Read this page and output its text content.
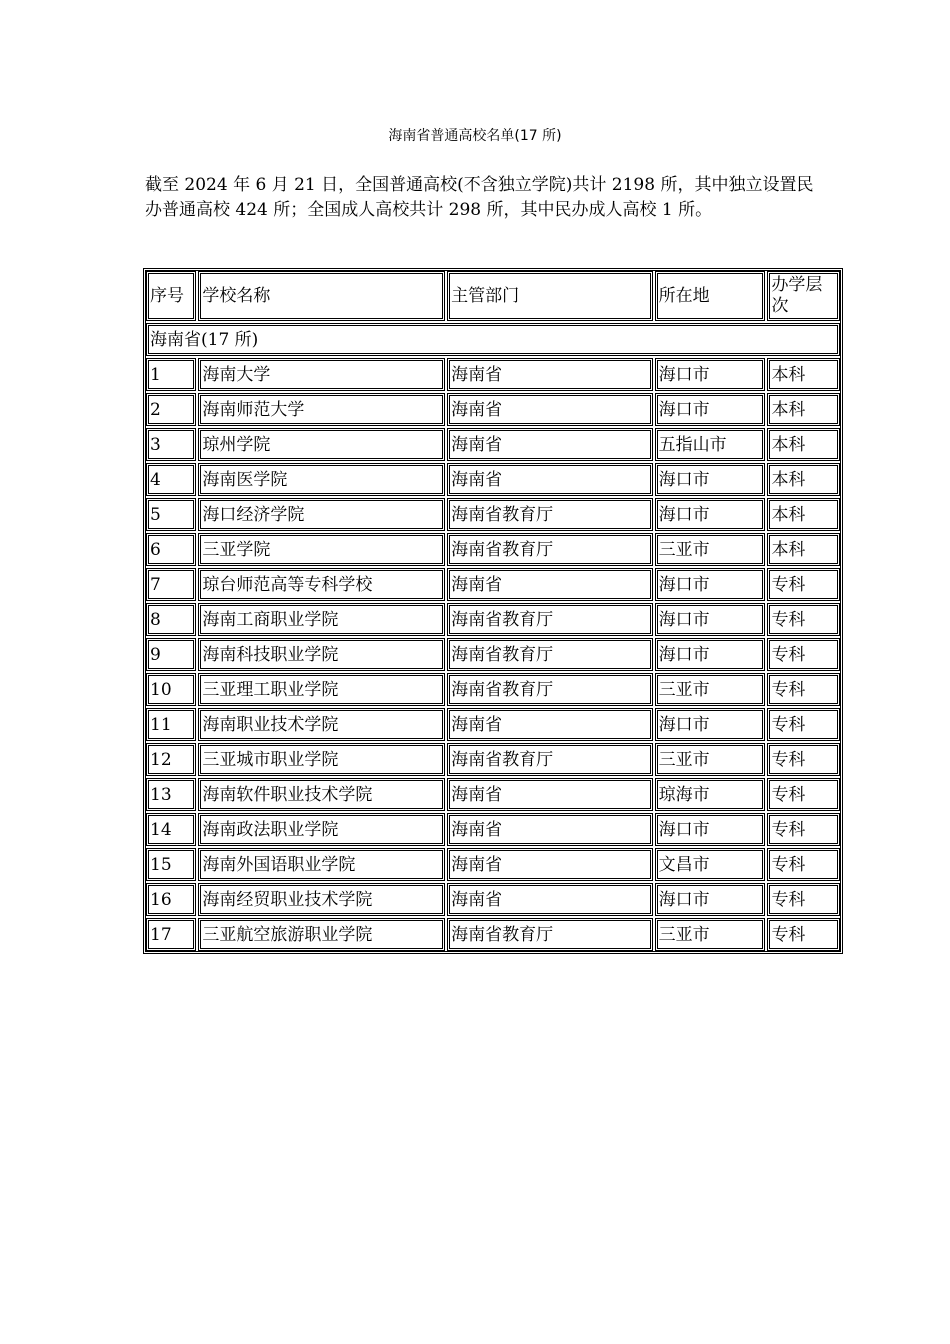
海南省普通高校名单(17 所)

截至 2024 年 6 月 21 日，全国普通高校(不含独立学院)共计 2198 所，其中独立设置民办普通高校 424 所；全国成人高校共计 298 所，其中民办成人高校 1 所。

序号	学校名称	主管部门	所在地	办学层次
海南省(17 所)				
1	海南大学	海南省	海口市	本科
2	海南师范大学	海南省	海口市	本科
3	琼州学院	海南省	五指山市	本科
4	海南医学院	海南省	海口市	本科
5	海口经济学院	海南省教育厅	海口市	本科
6	三亚学院	海南省教育厅	三亚市	本科
7	琼台师范高等专科学校	海南省	海口市	专科
8	海南工商职业学院	海南省教育厅	海口市	专科
9	海南科技职业学院	海南省教育厅	海口市	专科
10	三亚理工职业学院	海南省教育厅	三亚市	专科
11	海南职业技术学院	海南省	海口市	专科
12	三亚城市职业学院	海南省教育厅	三亚市	专科
13	海南软件职业技术学院	海南省	琼海市	专科
14	海南政法职业学院	海南省	海口市	专科
15	海南外国语职业学院	海南省	文昌市	专科
16	海南经贸职业技术学院	海南省	海口市	专科
17	三亚航空旅游职业学院	海南省教育厅	三亚市	专科
